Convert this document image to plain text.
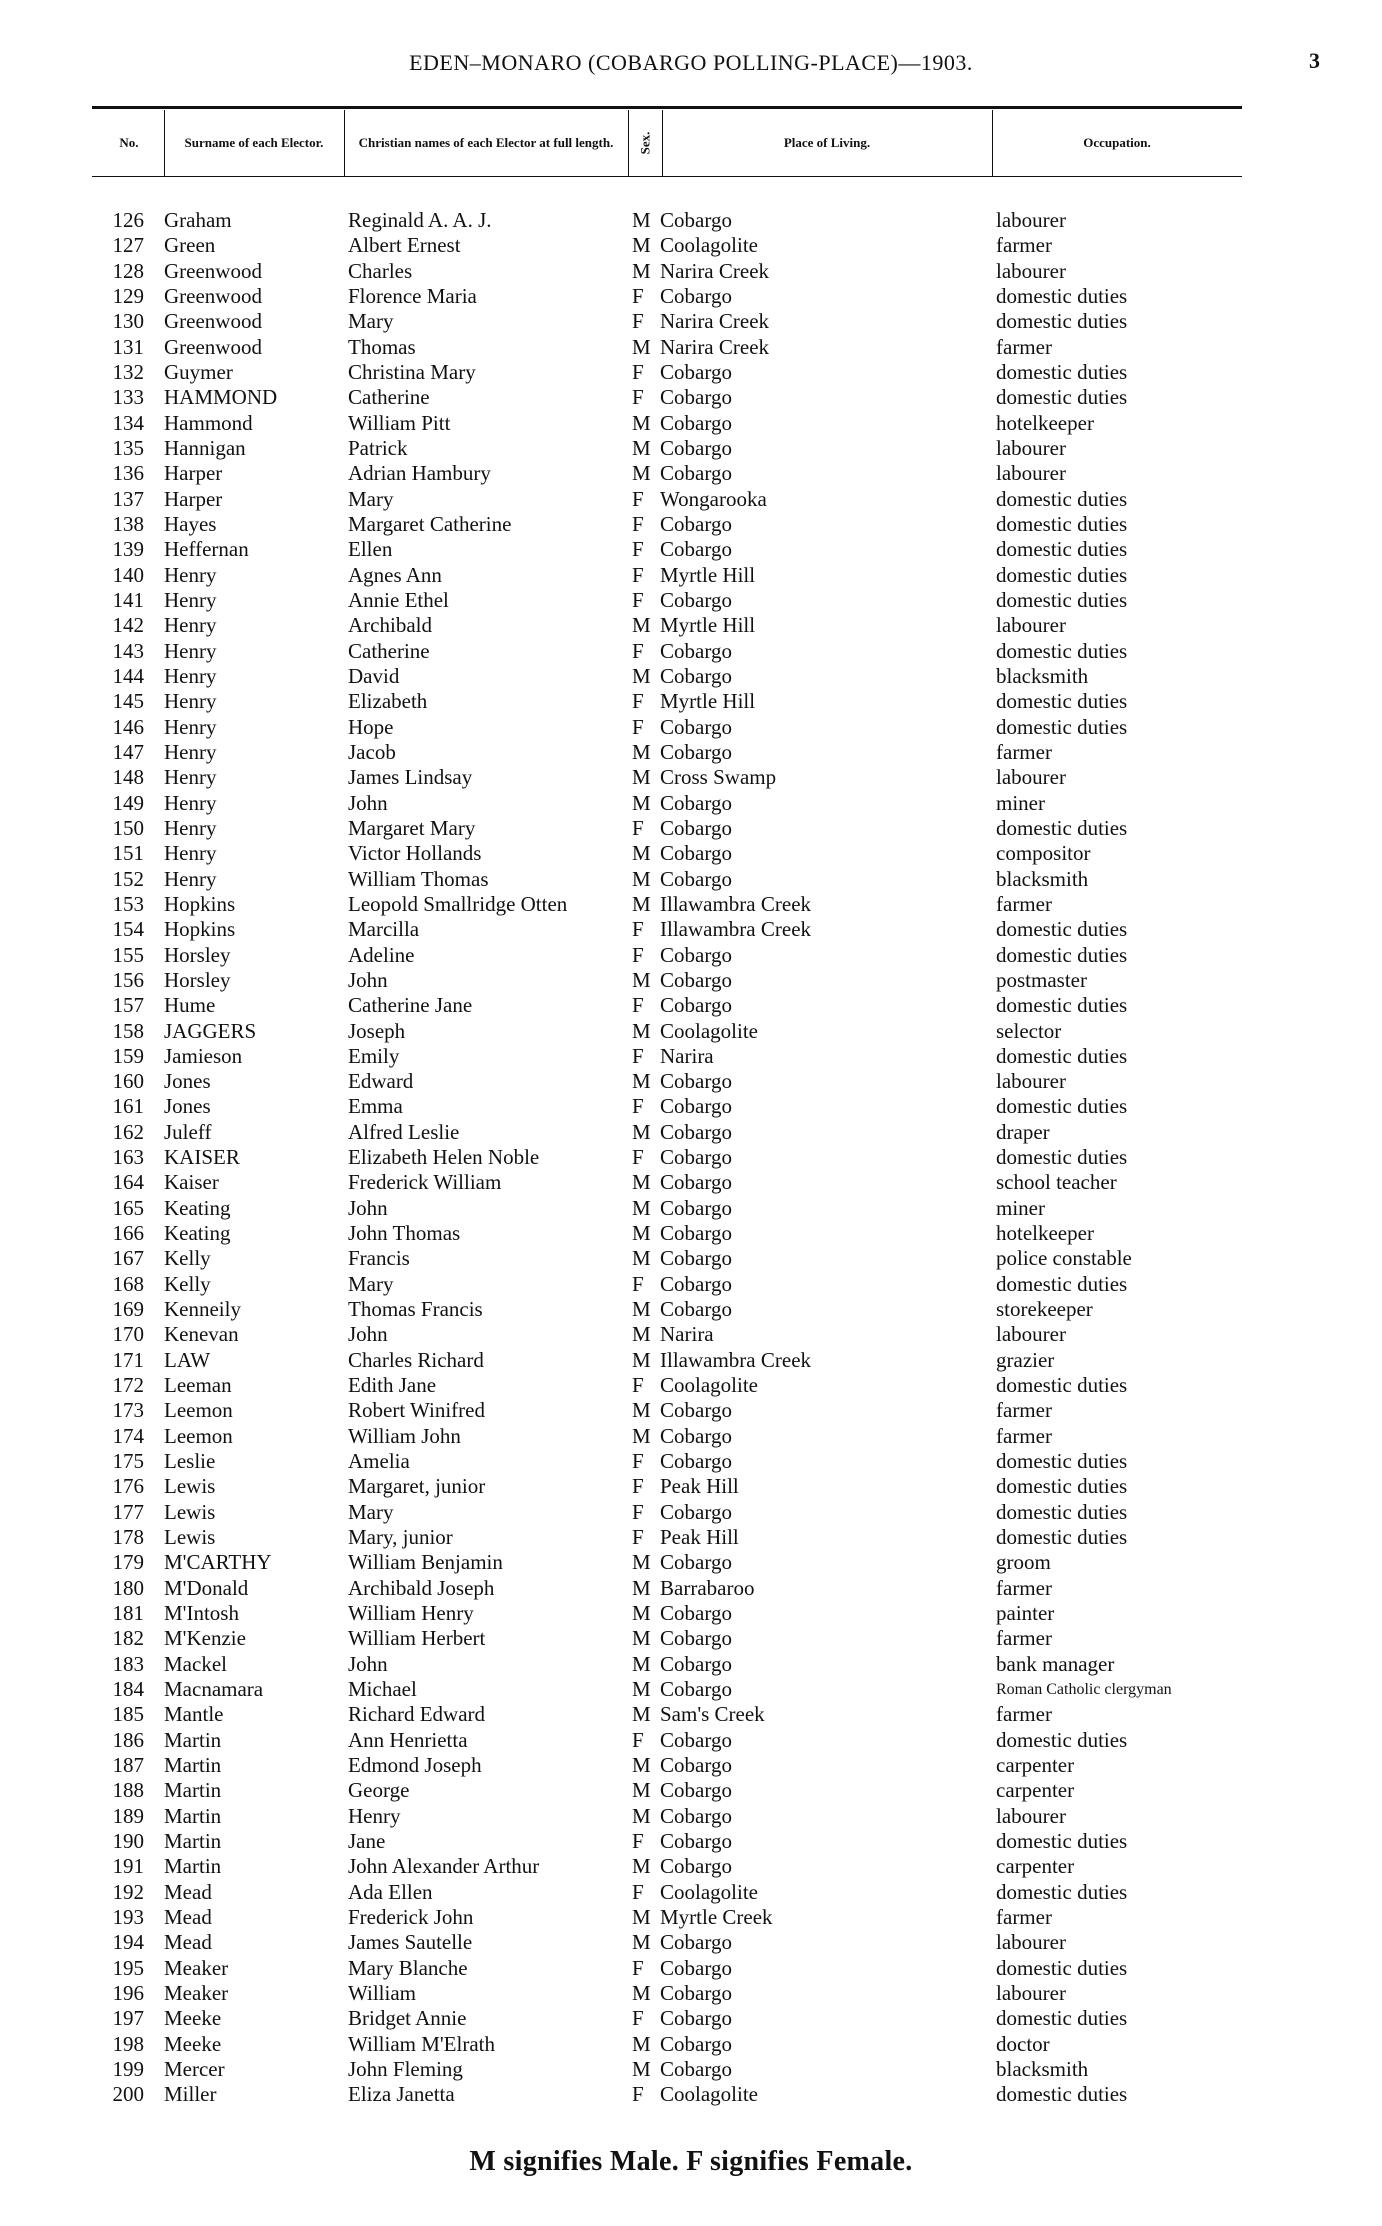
EDEN–MONARO (COBARGO POLLING-PLACE)—1903.	3
No.	Surname of each Elector.	Christian names of each Elector at full length.	Sex.	Place of Living.	Occupation.
126 Graham	Reginald A. A. J.	M Cobargo	labourer
127 Green	Albert Ernest	M Coolagolite	farmer
128 Greenwood	Charles	M Narira Creek	labourer
129 Greenwood	Florence Maria	F Cobargo	domestic duties
130 Greenwood	Mary	F Narira Creek	domestic duties
131 Greenwood	Thomas	M Narira Creek	farmer
132 Guymer	Christina Mary	F Cobargo	domestic duties
133 HAMMOND	Catherine	F Cobargo	domestic duties
134 Hammond	William Pitt	M Cobargo	hotelkeeper
135 Hannigan	Patrick	M Cobargo	labourer
136 Harper	Adrian Hambury	M Cobargo	labourer
137 Harper	Mary	F Wongarooka	domestic duties
138 Hayes	Margaret Catherine	F Cobargo	domestic duties
139 Heffernan	Ellen	F Cobargo	domestic duties
140 Henry	Agnes Ann	F Myrtle Hill	domestic duties
141 Henry	Annie Ethel	F Cobargo	domestic duties
142 Henry	Archibald	M Myrtle Hill	labourer
143 Henry	Catherine	F Cobargo	domestic duties
144 Henry	David	M Cobargo	blacksmith
145 Henry	Elizabeth	F Myrtle Hill	domestic duties
146 Henry	Hope	F Cobargo	domestic duties
147 Henry	Jacob	M Cobargo	farmer
148 Henry	James Lindsay	M Cross Swamp	labourer
149 Henry	John	M Cobargo	miner
150 Henry	Margaret Mary	F Cobargo	domestic duties
151 Henry	Victor Hollands	M Cobargo	compositor
152 Henry	William Thomas	M Cobargo	blacksmith
153 Hopkins	Leopold Smallridge Otten	M Illawambra Creek	farmer
154 Hopkins	Marcilla	F Illawambra Creek	domestic duties
155 Horsley	Adeline	F Cobargo	domestic duties
156 Horsley	John	M Cobargo	postmaster
157 Hume	Catherine Jane	F Cobargo	domestic duties
158 JAGGERS	Joseph	M Coolagolite	selector
159 Jamieson	Emily	F Narira	domestic duties
160 Jones	Edward	M Cobargo	labourer
161 Jones	Emma	F Cobargo	domestic duties
162 Juleff	Alfred Leslie	M Cobargo	draper
163 KAISER	Elizabeth Helen Noble	F Cobargo	domestic duties
164 Kaiser	Frederick William	M Cobargo	school teacher
165 Keating	John	M Cobargo	miner
166 Keating	John Thomas	M Cobargo	hotelkeeper
167 Kelly	Francis	M Cobargo	police constable
168 Kelly	Mary	F Cobargo	domestic duties
169 Kenneily	Thomas Francis	M Cobargo	storekeeper
170 Kenevan	John	M Narira	labourer
171 LAW	Charles Richard	M Illawambra Creek	grazier
172 Leeman	Edith Jane	F Coolagolite	domestic duties
173 Leemon	Robert Winifred	M Cobargo	farmer
174 Leemon	William John	M Cobargo	farmer
175 Leslie	Amelia	F Cobargo	domestic duties
176 Lewis	Margaret, junior	F Peak Hill	domestic duties
177 Lewis	Mary	F Cobargo	domestic duties
178 Lewis	Mary, junior	F Peak Hill	domestic duties
179 M'CARTHY	William Benjamin	M Cobargo	groom
180 M'Donald	Archibald Joseph	M Barrabaroo	farmer
181 M'Intosh	William Henry	M Cobargo	painter
182 M'Kenzie	William Herbert	M Cobargo	farmer
183 Mackel	John	M Cobargo	bank manager
184 Macnamara	Michael	M Cobargo	Roman Catholic clergyman
185 Mantle	Richard Edward	M Sam's Creek	farmer
186 Martin	Ann Henrietta	F Cobargo	domestic duties
187 Martin	Edmond Joseph	M Cobargo	carpenter
188 Martin	George	M Cobargo	carpenter
189 Martin	Henry	M Cobargo	labourer
190 Martin	Jane	F Cobargo	domestic duties
191 Martin	John Alexander Arthur	M Cobargo	carpenter
192 Mead	Ada Ellen	F Coolagolite	domestic duties
193 Mead	Frederick John	M Myrtle Creek	farmer
194 Mead	James Sautelle	M Cobargo	labourer
195 Meaker	Mary Blanche	F Cobargo	domestic duties
196 Meaker	William	M Cobargo	labourer
197 Meeke	Bridget Annie	F Cobargo	domestic duties
198 Meeke	William M'Elrath	M Cobargo	doctor
199 Mercer	John Fleming	M Cobargo	blacksmith
200 Miller	Eliza Janetta	F Coolagolite	domestic duties
M signifies Male. F signifies Female.
